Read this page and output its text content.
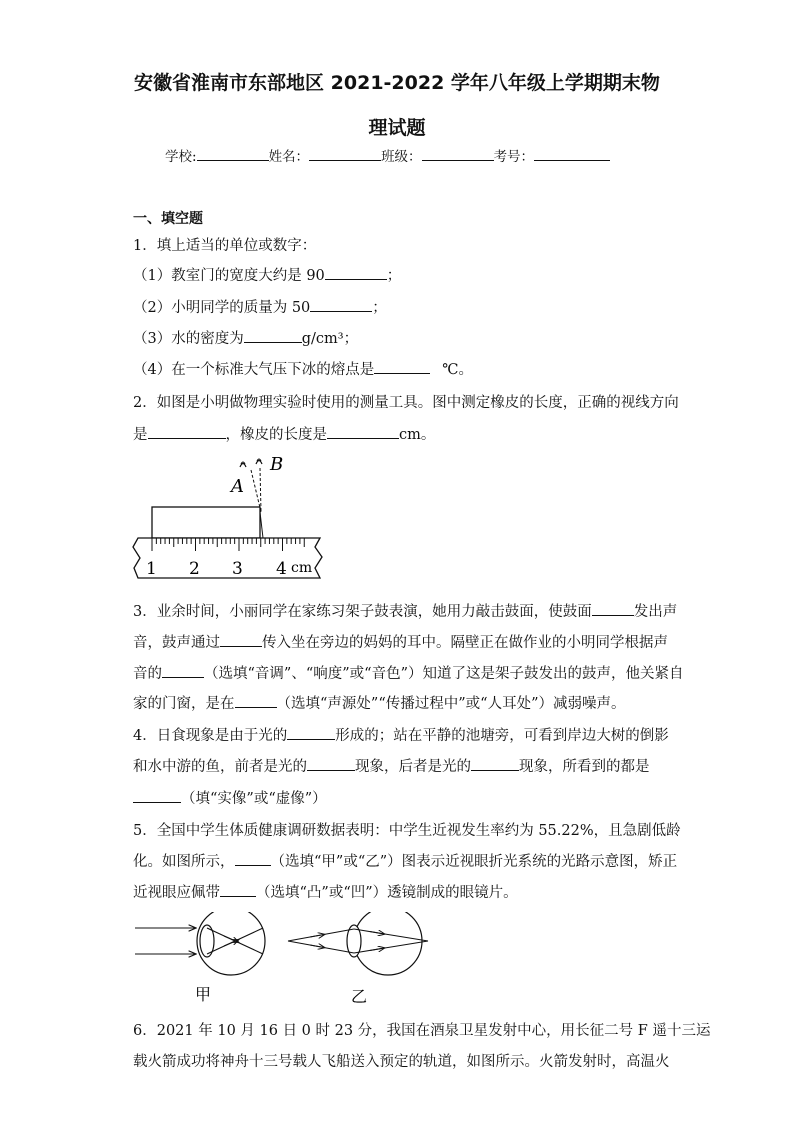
安徽省淮南市东部地区 2021-2022 学年八年级上学期期末物
理试题
学校:	姓名：	班级：	考号：
一、填空题
1．填上适当的单位或数字：
（1）教室门的宽度大约是 90	；
（2）小明同学的质量为 50	；
（3）水的密度为	g/cm³；
（4）在一个标准大气压下冰的熔点是	℃。
2．如图是小明做物理实验时使用的测量工具。图中测定橡皮的长度，正确的视线方向
是	，橡皮的长度是	cm。
B
A
1 2 3 4 cm
3．业余时间，小丽同学在家练习架子鼓表演，她用力敲击鼓面，使鼓面	发出声
音，鼓声通过	传入坐在旁边的妈妈的耳中。隔壁正在做作业的小明同学根据声
音的	（选填“音调”、“响度”或“音色”）知道了这是架子鼓发出的鼓声，他关紧自
家的门窗，是在	（选填“声源处”“传播过程中”或“人耳处”）减弱噪声。
4．日食现象是由于光的	形成的；站在平静的池塘旁，可看到岸边大树的倒影
和水中游的鱼，前者是光的	现象，后者是光的	现象，所看到的都是
（填“实像”或“虚像”）
5．全国中学生体质健康调研数据表明：中学生近视发生率约为 55.22%，且急剧低龄
化。如图所示， （选填“甲”或“乙”）图表示近视眼折光系统的光路示意图，矫正
近视眼应佩带 （选填“凸”或“凹”）透镜制成的眼镜片。
甲	乙
6．2021 年 10 月 16 日 0 时 23 分，我国在酒泉卫星发射中心，用长征二号 F 遥十三运
载火箭成功将神舟十三号载人飞船送入预定的轨道，如图所示。火箭发射时，高温火
